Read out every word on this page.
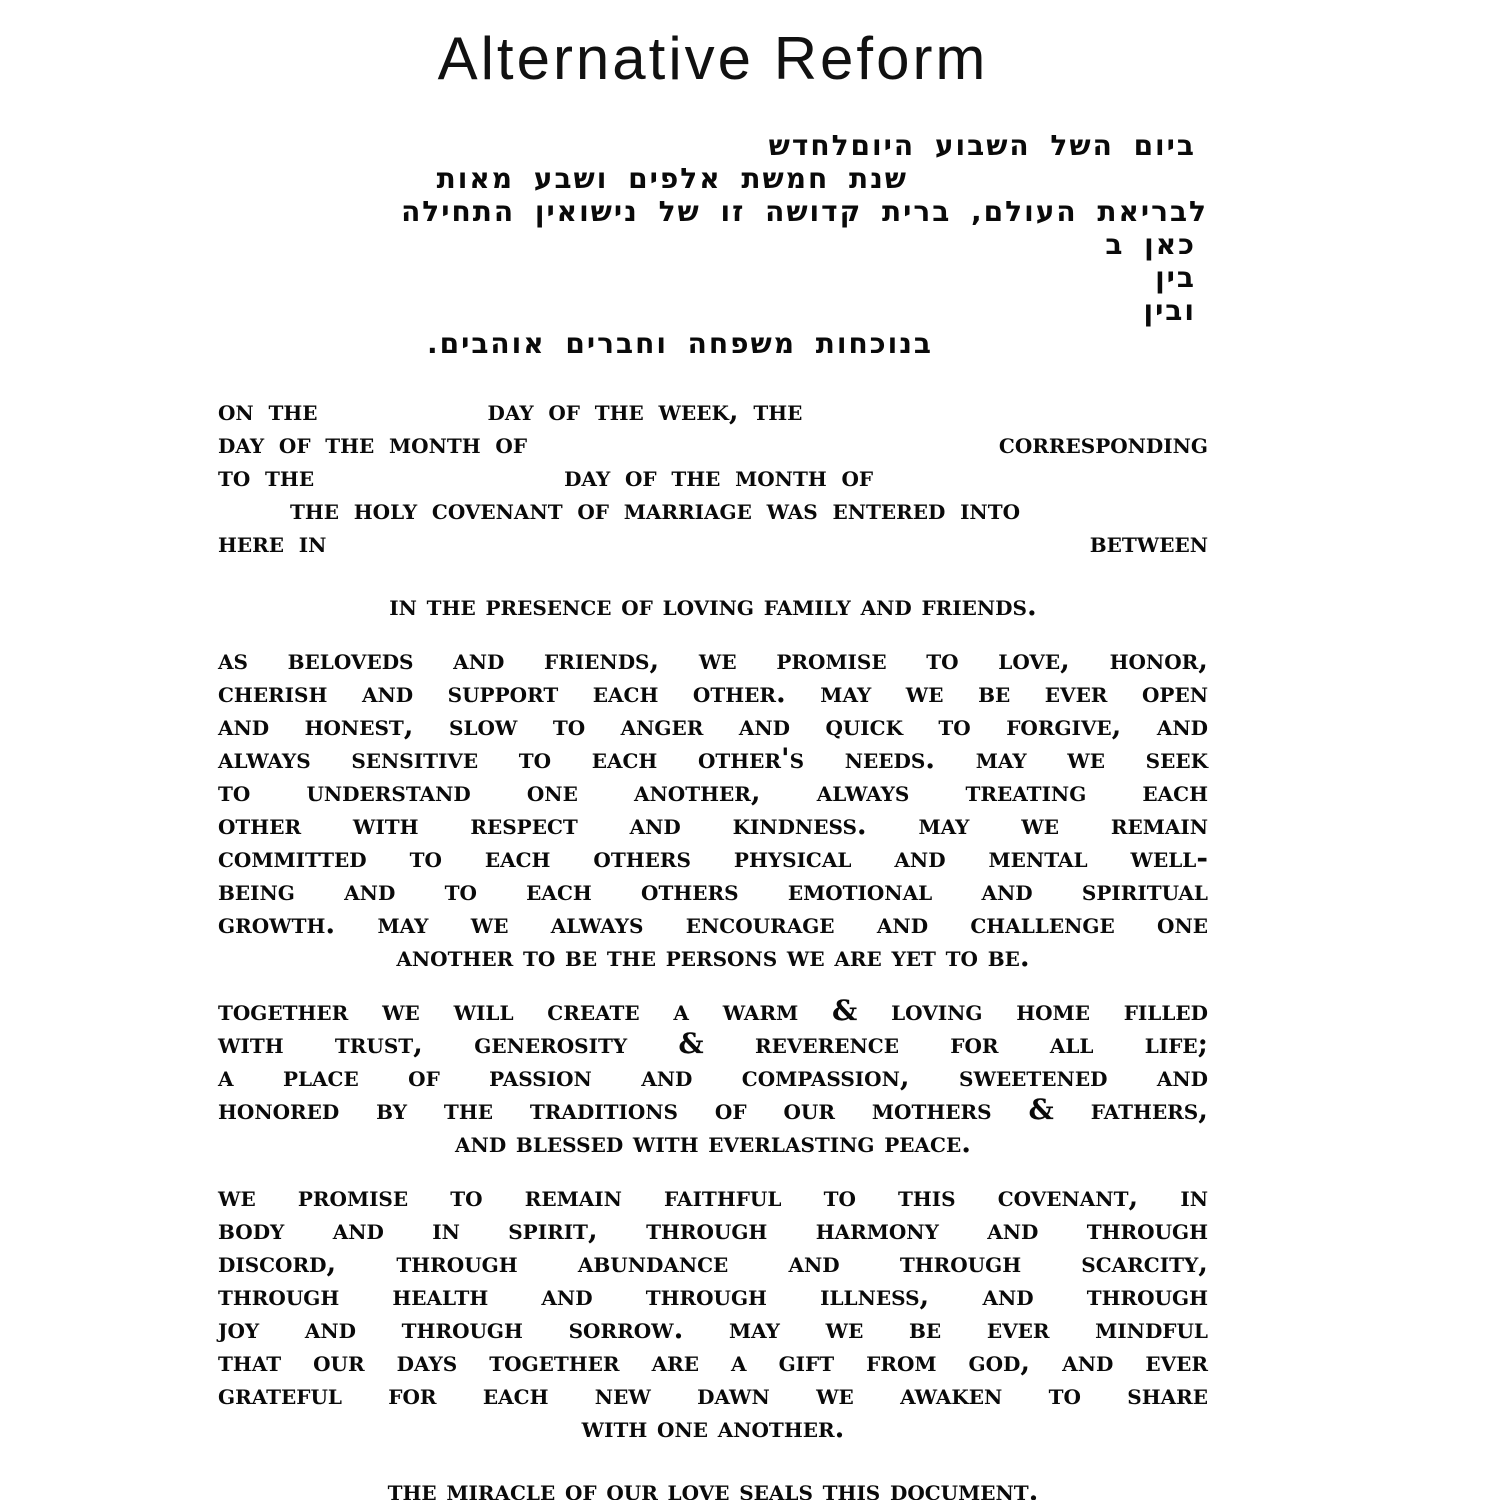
Alternative Reform
ביום ה
של השבוע היום
לחדש
שנת חמשת אלפים ושבע מאות
לבריאת העולם, ברית קדושה זו של נישואין התחילה
כאן ב
בין
ובין
בנוכחות משפחה וחברים אוהבים.
on the	day of the week, the
day of the month of	corresponding
to the	day of the month of
the holy covenant of marriage was entered into
here in	between
in the presence of loving family and friends.
as beloveds and friends, we promise to love, honor,
cherish and support each other. may we be ever open
and honest, slow to anger and quick to forgive, and
always sensitive to each other's needs. may we seek
to understand one another, always treating each
other with respect and kindness. may we remain
committed to each others physical and mental well-
being and to each others emotional and spiritual
growth. may we always encourage and challenge one
another to be the persons we are yet to be.
together we will create a warm & loving home filled
with trust, generosity & reverence for all life;
a place of passion and compassion, sweetened and
honored by the traditions of our mothers & fathers,
and blessed with everlasting peace.
we promise to remain faithful to this covenant, in
body and in spirit, through harmony and through
discord, through abundance and through scarcity,
through health and through illness, and through
joy and through sorrow. may we be ever mindful
that our days together are a gift from god, and ever
grateful for each new dawn we awaken to share
with one another.
the miracle of our love seals this document.
